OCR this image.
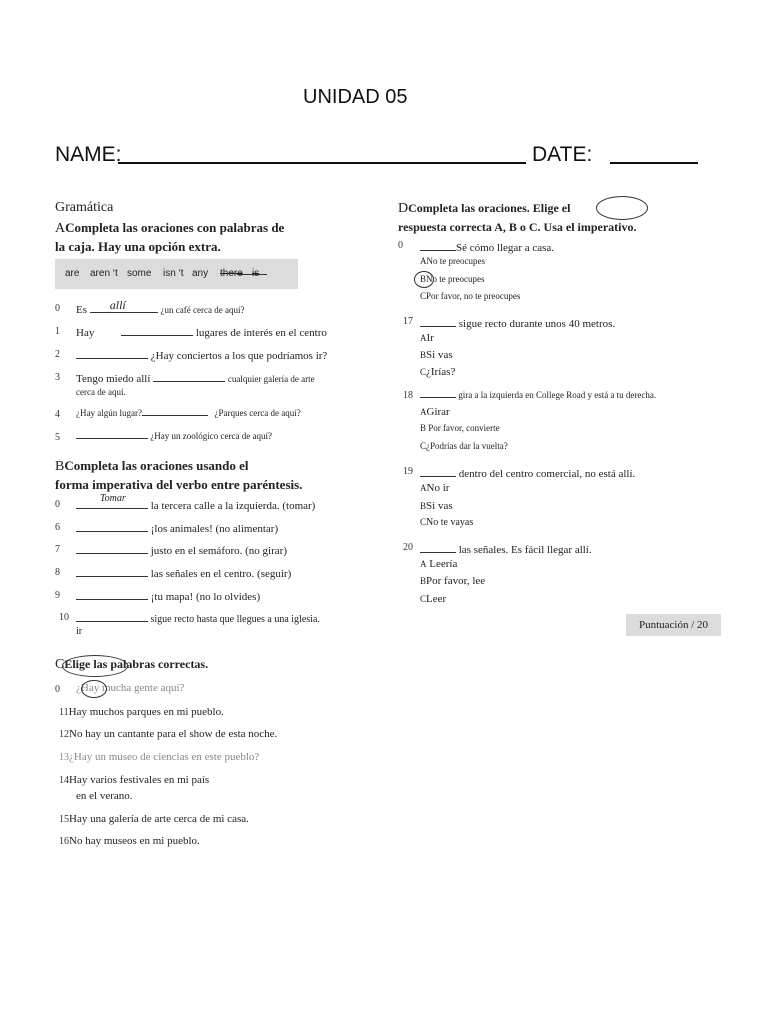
UNIDAD 05
NAME:	DATE:
Gramática
ACompleta las oraciones con palabras de
la caja. Hay una opción extra.
are aren ‘t some isn ‘t any there is
0 Es allí	¿un café cerca de aquí?
1 Hay	lugares de interés en el centro
2	¿Hay conciertos a los que podríamos ir?
3 Tengo miedo allí	cualquier galería de arte
cerca de aquí.
4 ¿Hay algún lugar?	¿Parques cerca de aquí?
5	¿Hay un zoológico cerca de aquí?
BCompleta las oraciones usando el
forma imperativa del verbo entre paréntesis.
0
Tomar
la tercera calle a la izquierda. (tomar)
6	¡los animales! (no alimentar)
7	justo en el semáforo. (no girar)
8	las señales en el centro. (seguir)
9	¡tu mapa! (no lo olvides)
10	sigue recto hasta que llegues a una iglesia.
ir
CElige las palabras correctas.
0 ¿Hay mucha gente aquí?
11Hay muchos parques en mi pueblo.
12No hay un cantante para el show de esta noche.
13¿Hay un museo de ciencias en este pueblo?
14Hay varios festivales en mi país
en el verano.
15Hay una galería de arte cerca de mi casa.
16No hay museos en mi pueblo.
DCompleta las oraciones. Elige el
respuesta correcta A, B o C. Usa el imperativo.
0	Sé cómo llegar a casa.
ANo te preocupes
BNo te preocupes
CPor favor, no te preocupes
17	sigue recto durante unos 40 metros.
AIr
BSi vas
C¿Irías?
18	gira a la izquierda en College Road y está a tu derecha.
AGirar
B Por favor, convierte
C¿Podrías dar la vuelta?
19	dentro del centro comercial, no está allí.
ANo ir
BSi vas
CNo te vayas
20	las señales. Es fácil llegar allí.
A Leería
BPor favor, lee
CLeer
Puntuación / 20
